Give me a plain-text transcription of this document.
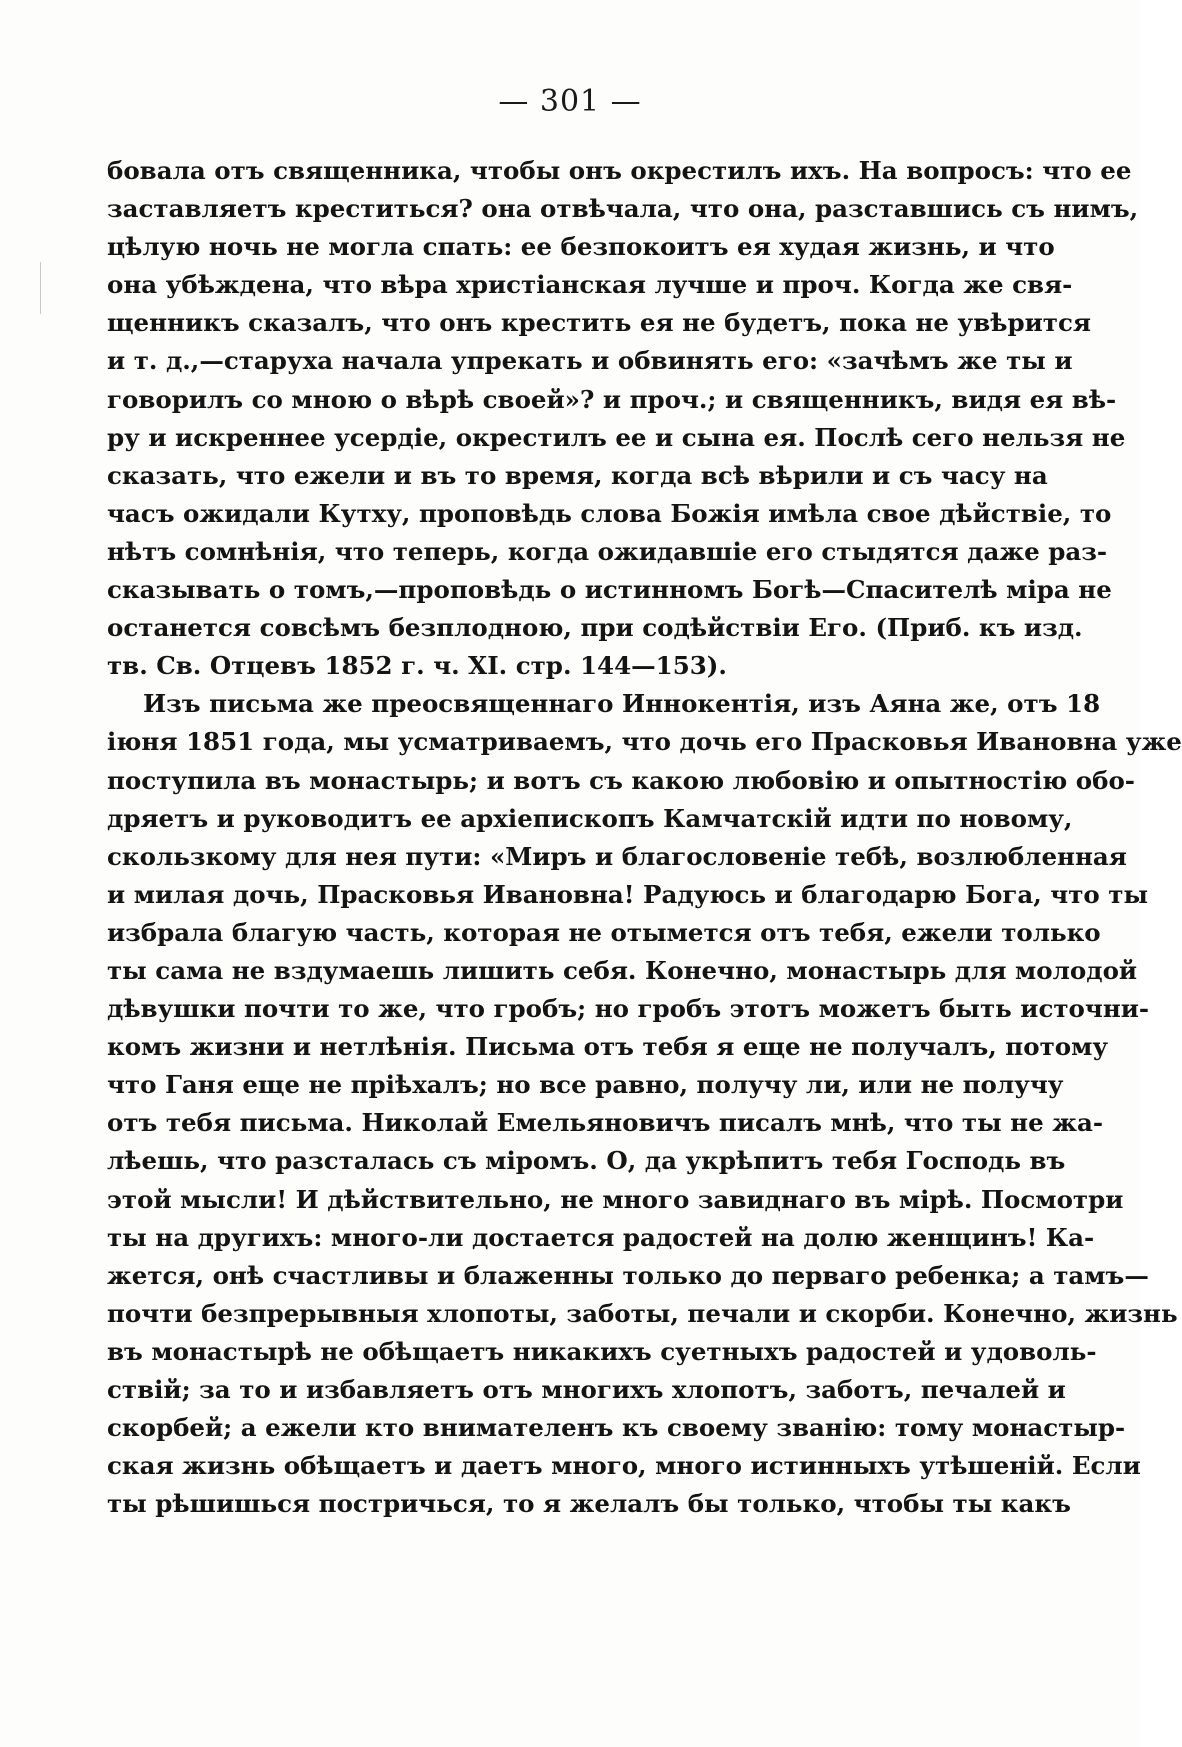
— 301 —
бовала отъ священника, чтобы онъ окрестилъ ихъ. На вопросъ: что ее
заставляетъ креститься? она отвѣчала, что она, разставшись съ нимъ,
цѣлую ночь не могла спать: ее безпокоитъ ея худая жизнь, и что
она убѣждена, что вѣра христіанская лучше и проч. Когда же свя-
щенникъ сказалъ, что онъ крестить ея не будетъ, пока не увѣрится
и т. д.,—старуха начала упрекать и обвинять его: «зачѣмъ же ты и
говорилъ со мною о вѣрѣ своей»? и проч.; и священникъ, видя ея вѣ-
ру и искреннее усердіе, окрестилъ ее и сына ея. Послѣ сего нельзя не
сказать, что ежели и въ то время, когда всѣ вѣрили и съ часу на
часъ ожидали Кутху, проповѣдь слова Божія имѣла свое дѣйствіе, то
нѣтъ сомнѣнія, что теперь, когда ожидавшіе его стыдятся даже раз-
сказывать о томъ,—проповѣдь о истинномъ Богѣ—Спасителѣ міра не
останется совсѣмъ безплодною, при содѣйствіи Его. (Приб. къ изд.
тв. Св. Отцевъ 1852 г. ч. XI. стр. 144—153).
Изъ письма же преосвященнаго Иннокентія, изъ Аяна же, отъ 18
іюня 1851 года, мы усматриваемъ, что дочь его Прасковья Ивановна уже
поступила въ монастырь; и вотъ съ какою любовію и опытностію обо-
дряетъ и руководитъ ее архіепископъ Камчатскій идти по новому,
скользкому для нея пути: «Миръ и благословеніе тебѣ, возлюбленная
и милая дочь, Прасковья Ивановна! Радуюсь и благодарю Бога, что ты
избрала благую часть, которая не отымется отъ тебя, ежели только
ты сама не вздумаешь лишить себя. Конечно, монастырь для молодой
дѣвушки почти то же, что гробъ; но гробъ этотъ можетъ быть источни-
комъ жизни и нетлѣнія. Письма отъ тебя я еще не получалъ, потому
что Ганя еще не пріѣхалъ; но все равно, получу ли, или не получу
отъ тебя письма. Николай Емельяновичъ писалъ мнѣ, что ты не жа-
лѣешь, что разсталась съ міромъ. О, да укрѣпитъ тебя Господь въ
этой мысли! И дѣйствительно, не много завиднаго въ мірѣ. Посмотри
ты на другихъ: много-ли достается радостей на долю женщинъ! Ка-
жется, онѣ счастливы и блаженны только до перваго ребенка; а тамъ—
почти безпрерывныя хлопоты, заботы, печали и скорби. Конечно, жизнь
въ монастырѣ не обѣщаетъ никакихъ суетныхъ радостей и удоволь-
ствій; за то и избавляетъ отъ многихъ хлопотъ, заботъ, печалей и
скорбей; а ежели кто внимателенъ къ своему званію: тому монастыр-
ская жизнь обѣщаетъ и даетъ много, много истинныхъ утѣшеній. Если
ты рѣшишься постричься, то я желалъ бы только, чтобы ты какъ
